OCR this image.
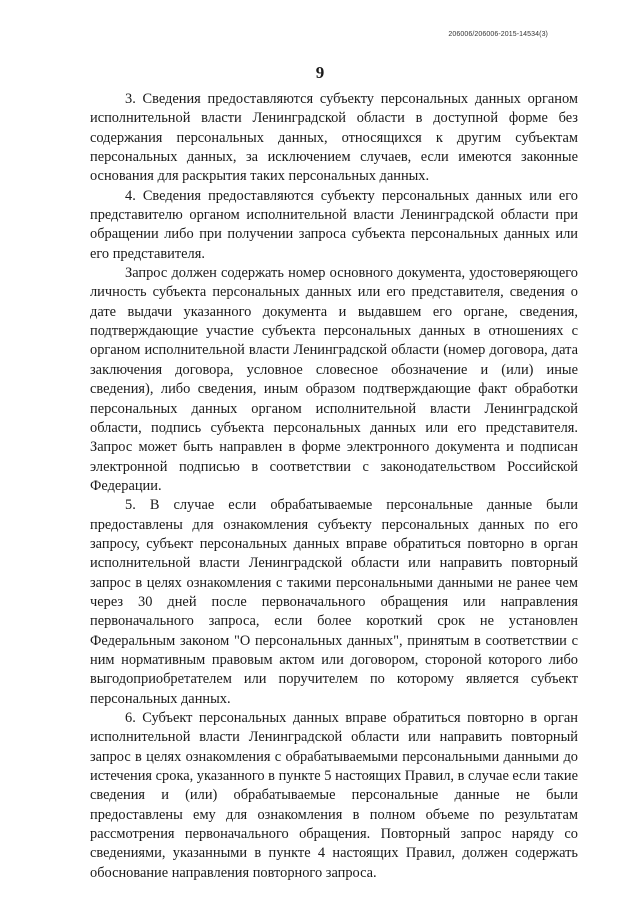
206006/206006-2015-14534(3)
9

3. Сведения предоставляются субъекту персональных данных органом исполнительной власти Ленинградской области в доступной форме без содержания персональных данных, относящихся к другим субъектам персональных данных, за исключением случаев, если имеются законные основания для раскрытия таких персональных данных.

4. Сведения предоставляются субъекту персональных данных или его представителю органом исполнительной власти Ленинградской области при обращении либо при получении запроса субъекта персональных данных или его представителя.

Запрос должен содержать номер основного документа, удостоверяющего личность субъекта персональных данных или его представителя, сведения о дате выдачи указанного документа и выдавшем его органе, сведения, подтверждающие участие субъекта персональных данных в отношениях с органом исполнительной власти Ленинградской области (номер договора, дата заключения договора, условное словесное обозначение и (или) иные сведения), либо сведения, иным образом подтверждающие факт обработки персональных данных органом исполнительной власти Ленинградской области, подпись субъекта персональных данных или его представителя. Запрос может быть направлен в форме электронного документа и подписан электронной подписью в соответствии с законодательством Российской Федерации.

5. В случае если обрабатываемые персональные данные были предоставлены для ознакомления субъекту персональных данных по его запросу, субъект персональных данных вправе обратиться повторно в орган исполнительной власти Ленинградской области или направить повторный запрос в целях ознакомления с такими персональными данными не ранее чем через 30 дней после первоначального обращения или направления первоначального запроса, если более короткий срок не установлен Федеральным законом "О персональных данных", принятым в соответствии с ним нормативным правовым актом или договором, стороной которого либо выгодоприобретателем или поручителем по которому является субъект персональных данных.

6. Субъект персональных данных вправе обратиться повторно в орган исполнительной власти Ленинградской области или направить повторный запрос в целях ознакомления с обрабатываемыми персональными данными до истечения срока, указанного в пункте 5 настоящих Правил, в случае если такие сведения и (или) обрабатываемые персональные данные не были предоставлены ему для ознакомления в полном объеме по результатам рассмотрения первоначального обращения. Повторный запрос наряду со сведениями, указанными в пункте 4 настоящих Правил, должен содержать обоснование направления повторного запроса.
